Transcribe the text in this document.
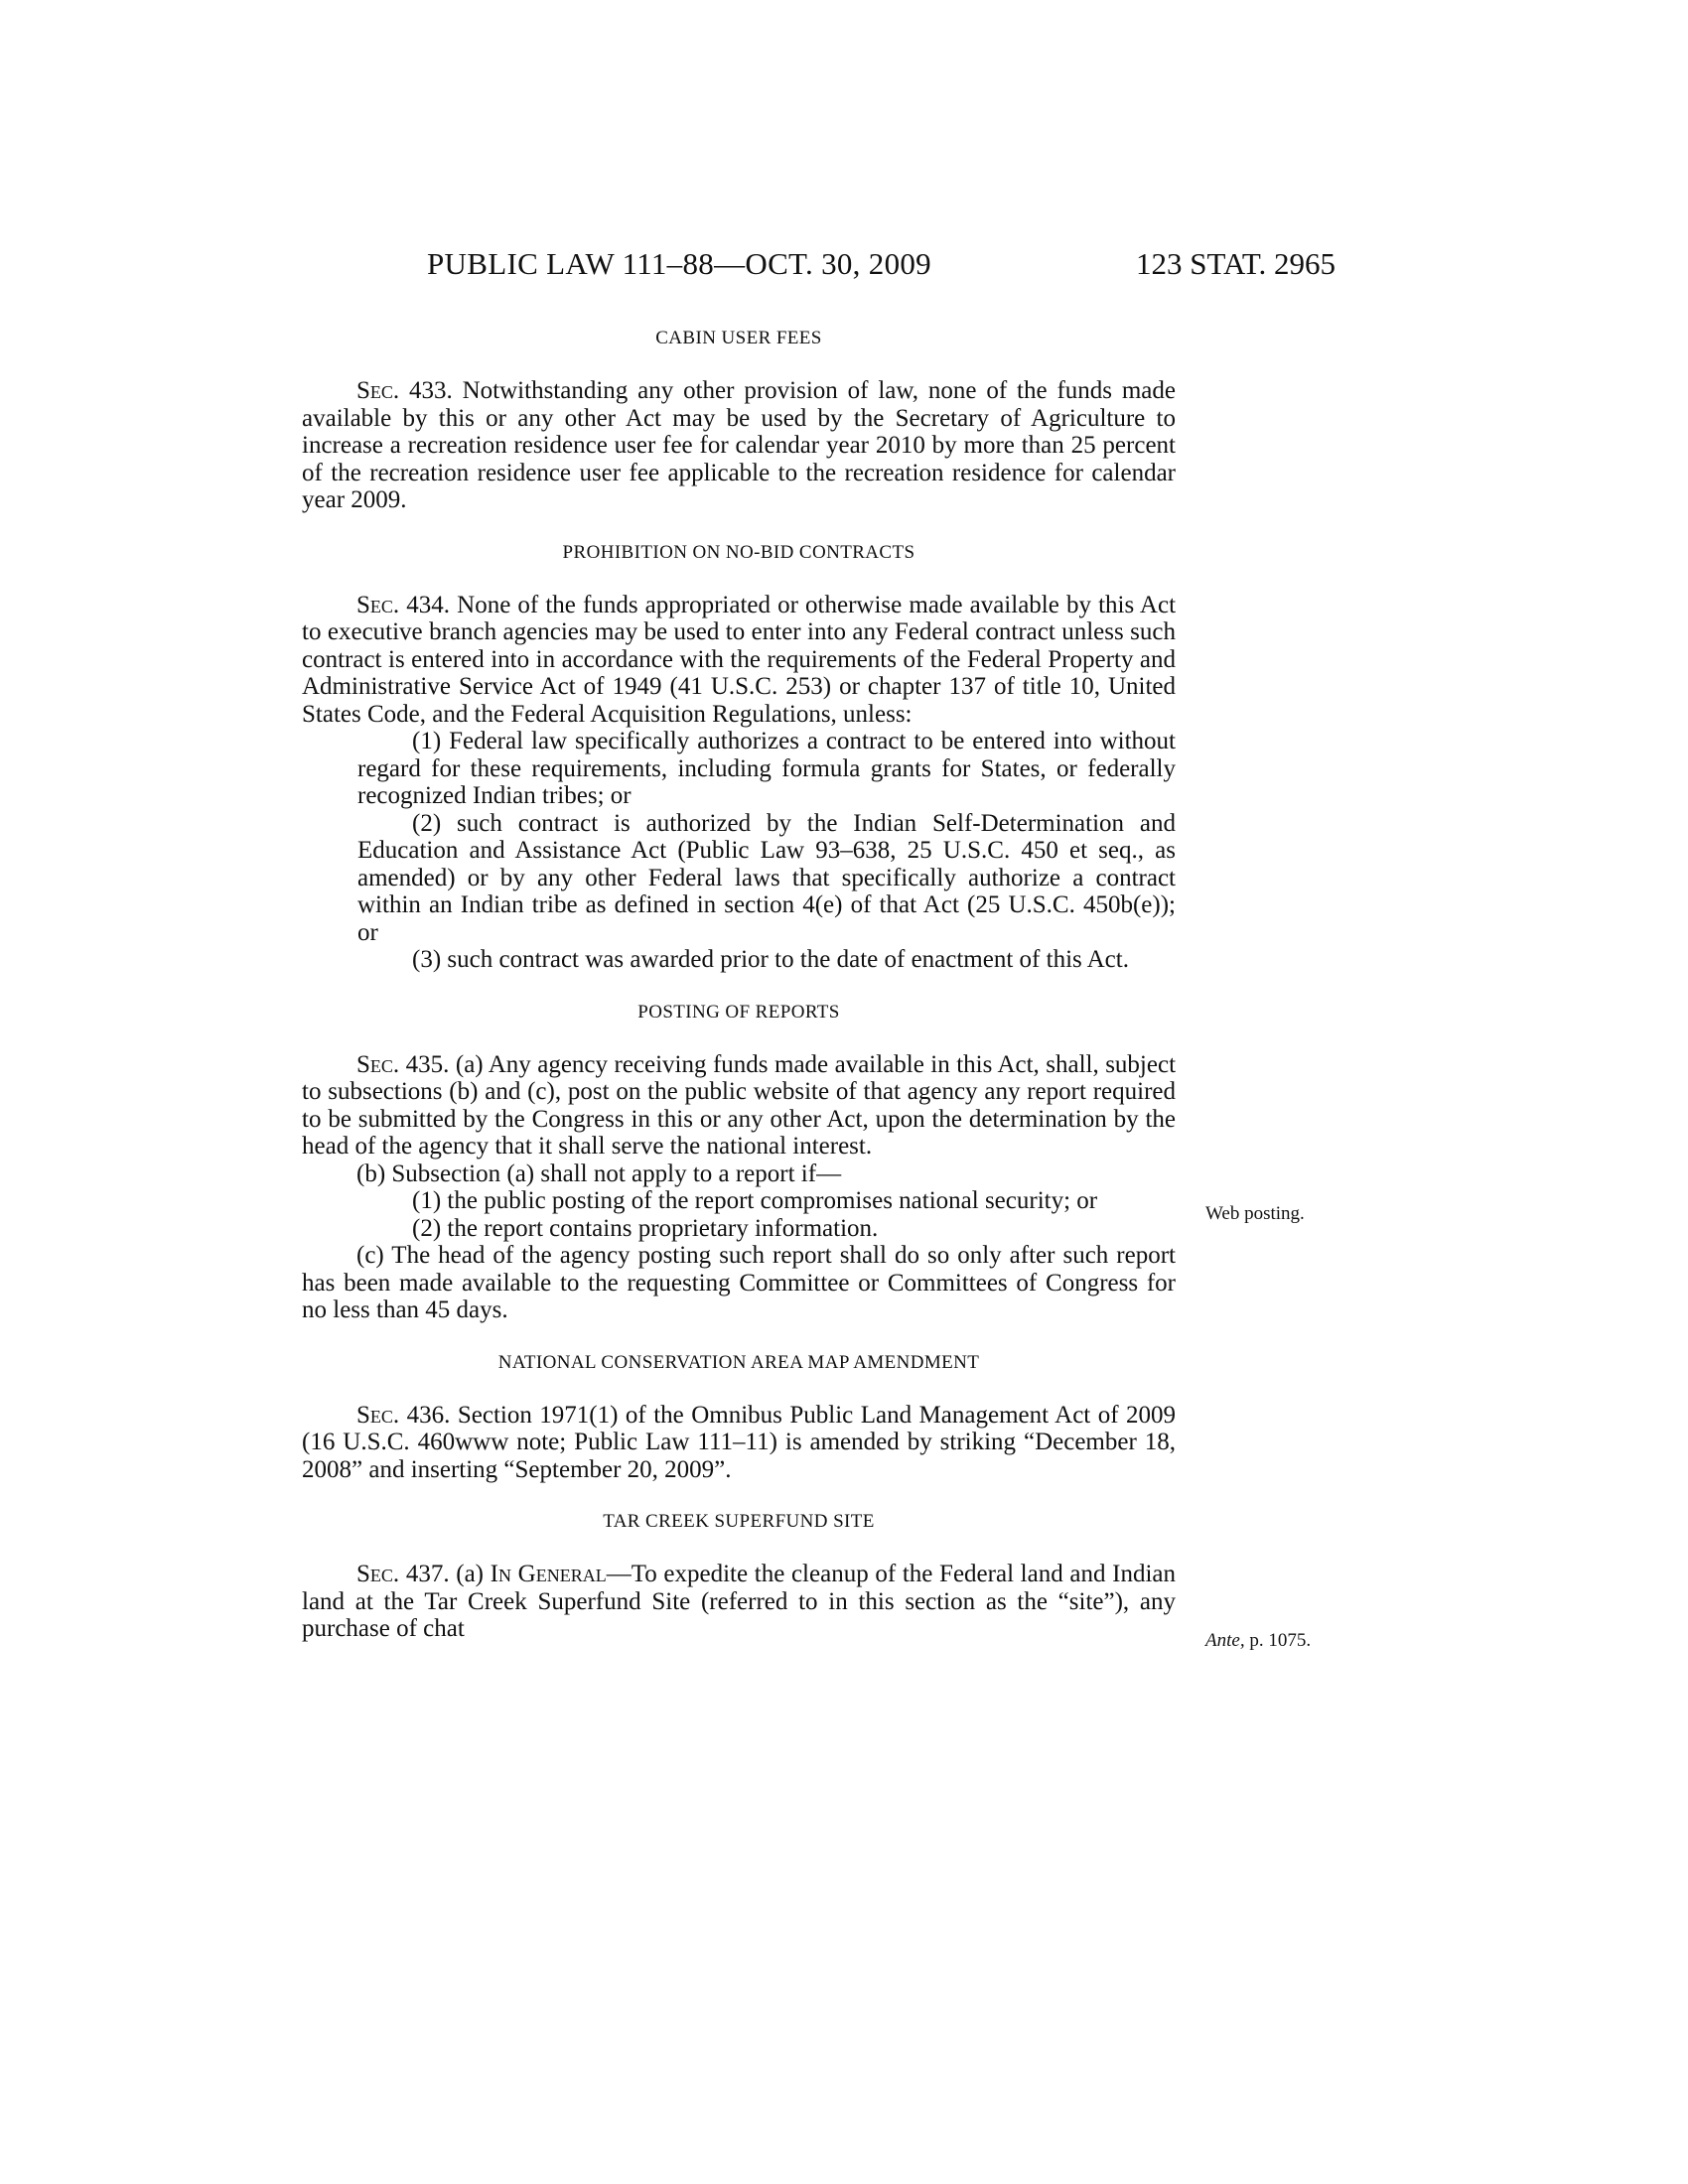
PUBLIC LAW 111–88—OCT. 30, 2009	123 STAT. 2965
CABIN USER FEES

Sec. 433. Notwithstanding any other provision of law, none of the funds made available by this or any other Act may be used by the Secretary of Agriculture to increase a recreation residence user fee for calendar year 2010 by more than 25 percent of the recreation residence user fee applicable to the recreation residence for calendar year 2009.

PROHIBITION ON NO-BID CONTRACTS

Sec. 434. None of the funds appropriated or otherwise made available by this Act to executive branch agencies may be used to enter into any Federal contract unless such contract is entered into in accordance with the requirements of the Federal Property and Administrative Service Act of 1949 (41 U.S.C. 253) or chapter 137 of title 10, United States Code, and the Federal Acquisition Regulations, unless:

(1) Federal law specifically authorizes a contract to be entered into without regard for these requirements, including formula grants for States, or federally recognized Indian tribes; or

(2) such contract is authorized by the Indian Self-Determination and Education and Assistance Act (Public Law 93–638, 25 U.S.C. 450 et seq., as amended) or by any other Federal laws that specifically authorize a contract within an Indian tribe as defined in section 4(e) of that Act (25 U.S.C. 450b(e)); or

(3) such contract was awarded prior to the date of enactment of this Act.

POSTING OF REPORTS

Sec. 435. (a) Any agency receiving funds made available in this Act, shall, subject to subsections (b) and (c), post on the public website of that agency any report required to be submitted by the Congress in this or any other Act, upon the determination by the head of the agency that it shall serve the national interest.

(b) Subsection (a) shall not apply to a report if—

(1) the public posting of the report compromises national security; or

(2) the report contains proprietary information.

(c) The head of the agency posting such report shall do so only after such report has been made available to the requesting Committee or Committees of Congress for no less than 45 days.

NATIONAL CONSERVATION AREA MAP AMENDMENT

Sec. 436. Section 1971(1) of the Omnibus Public Land Management Act of 2009 (16 U.S.C. 460www note; Public Law 111–11) is amended by striking “December 18, 2008” and inserting “September 20, 2009”.

TAR CREEK SUPERFUND SITE

Sec. 437. (a) In General—To expedite the cleanup of the Federal land and Indian land at the Tar Creek Superfund Site (referred to in this section as the “site”), any purchase of chat

Web posting.
Ante, p. 1075.
